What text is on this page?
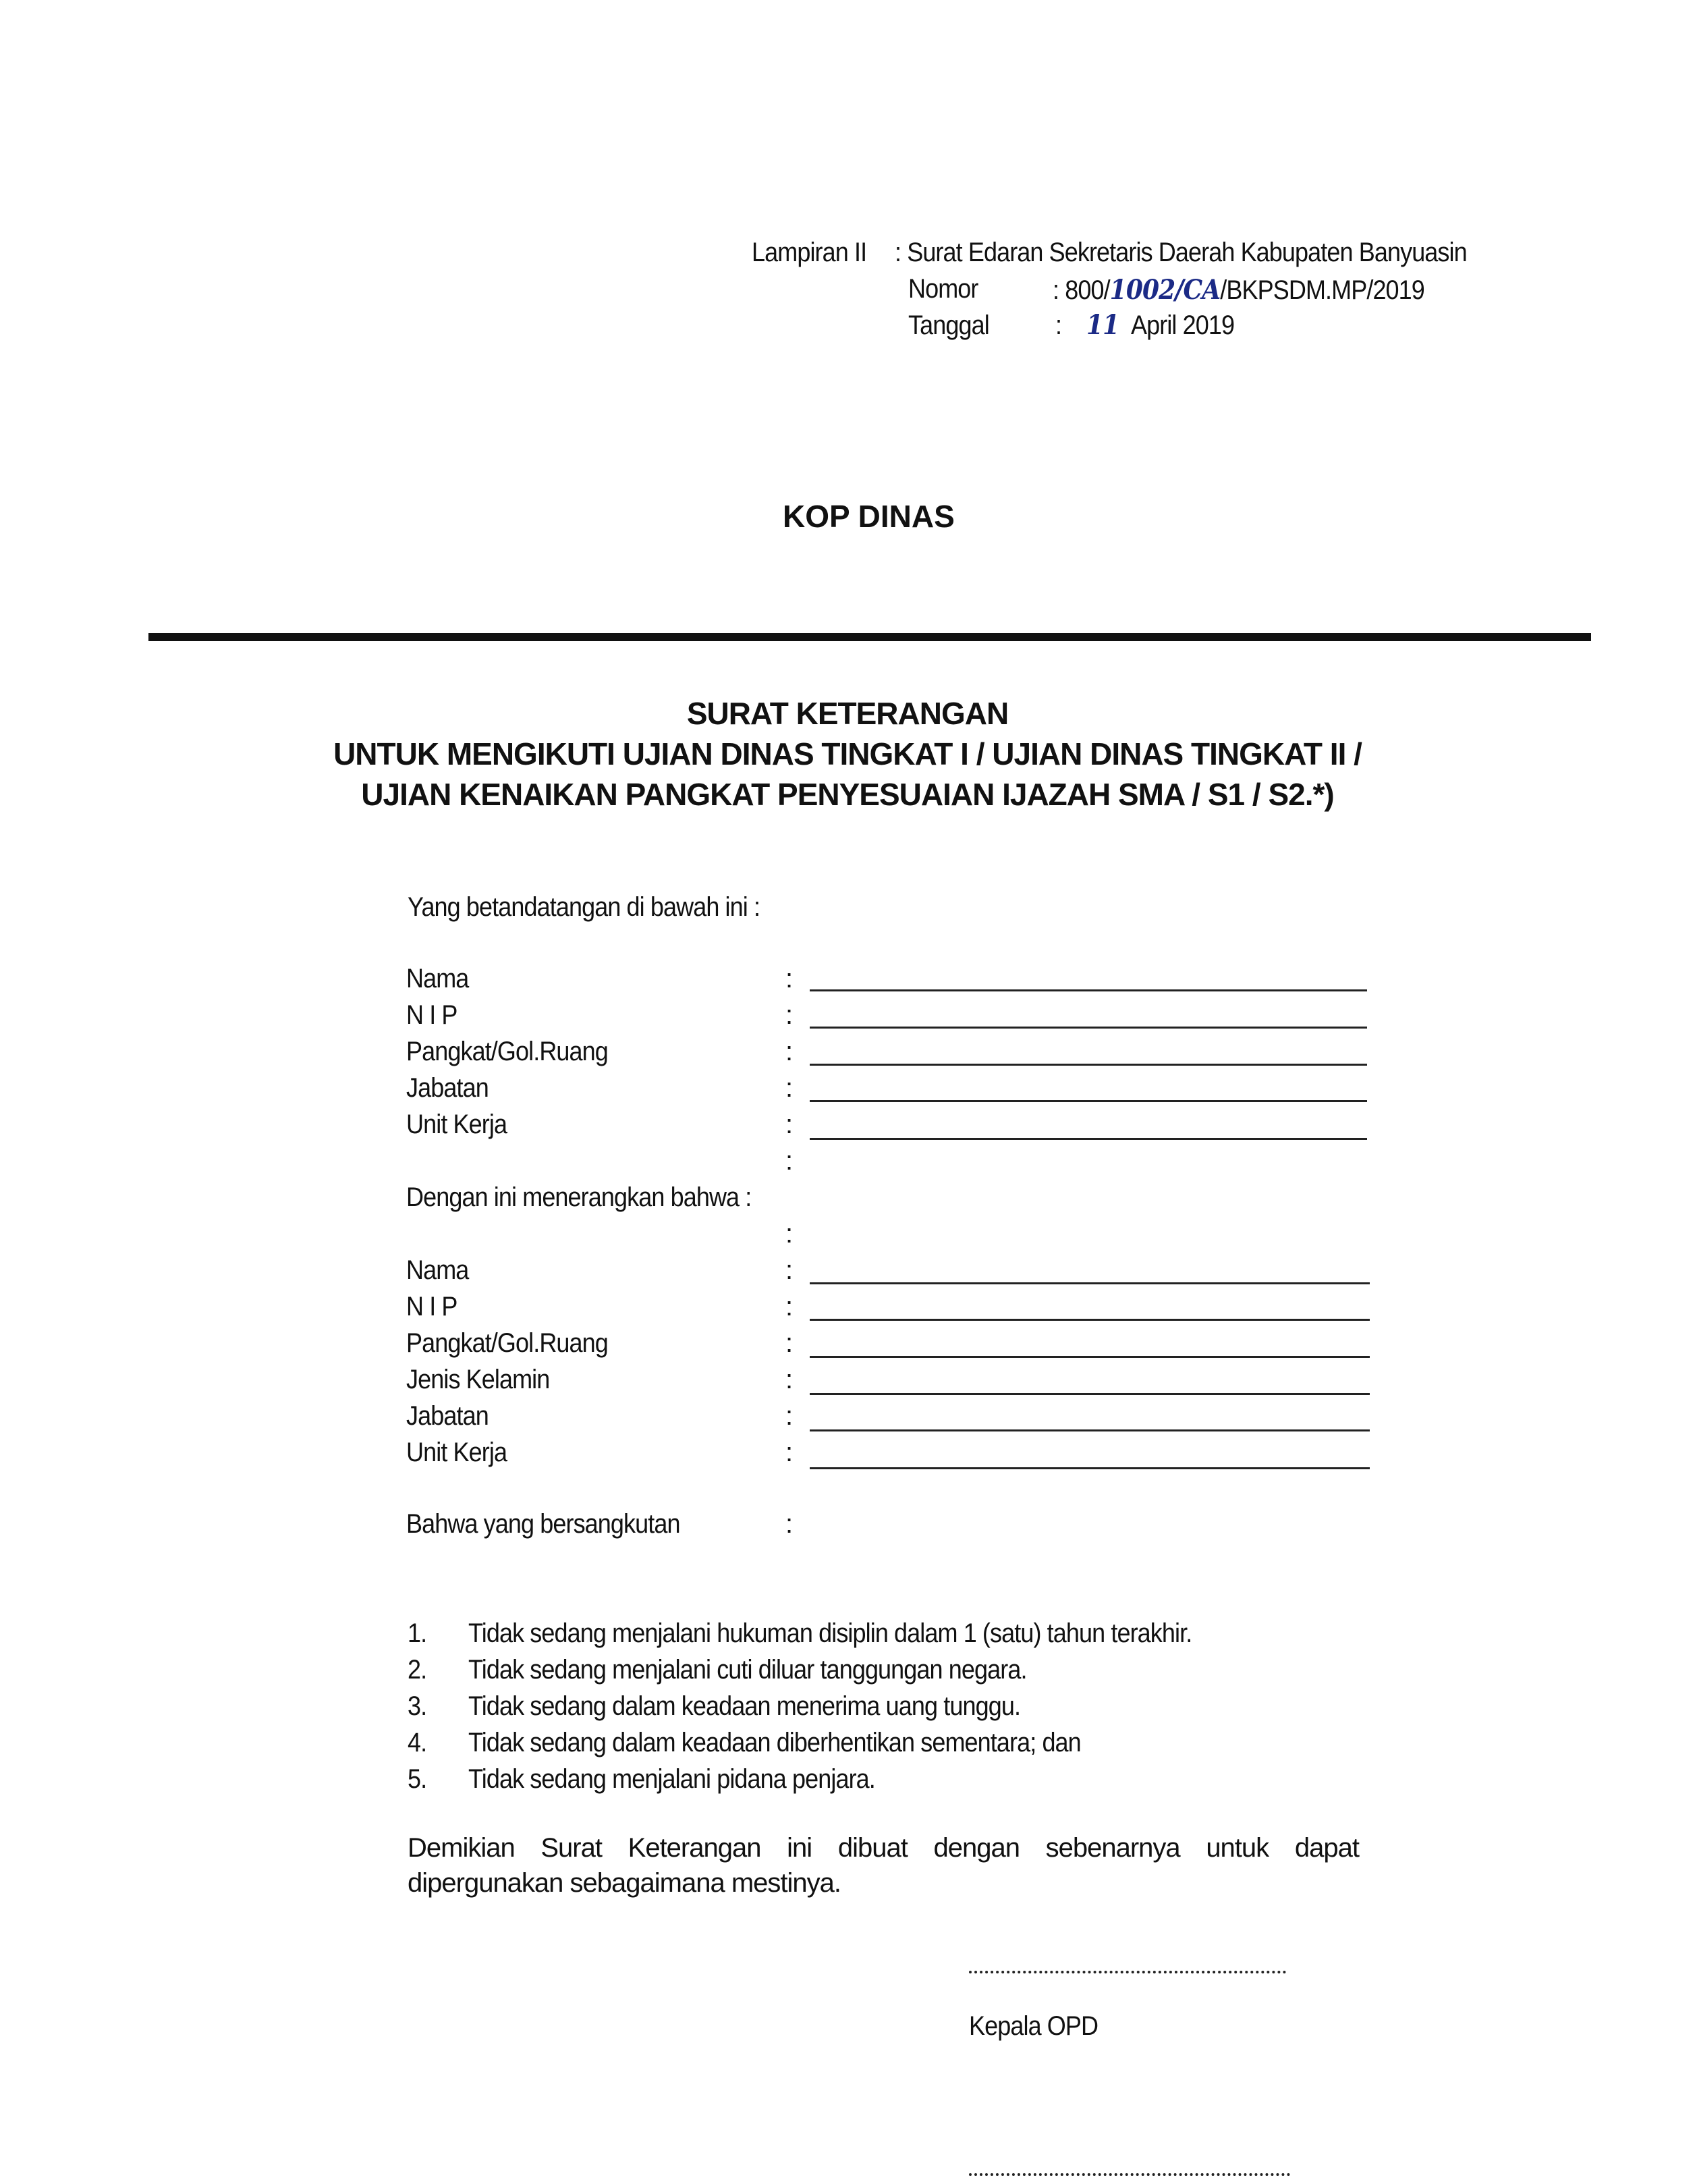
Lampiran II : Surat Edaran Sekretaris Daerah Kabupaten Banyuasin
Nomor	: 800/1002/CA/BKPSDM.MP/2019
Tanggal : 11 April 2019
KOP DINAS
SURAT KETERANGAN
UNTUK MENGIKUTI UJIAN DINAS TINGKAT I / UJIAN DINAS TINGKAT II /
UJIAN KENAIKAN PANGKAT PENYESUAIAN IJAZAH SMA / S1 / S2.*)
Yang betandatangan di bawah ini :
Nama	:
N I P	:
Pangkat/Gol.Ruang	:
Jabatan	:
Unit Kerja	:
:
Dengan ini menerangkan bahwa :
:
Nama	:
N I P	:
Pangkat/Gol.Ruang	:
Jenis Kelamin	:
Jabatan	:
Unit Kerja	:
Bahwa yang bersangkutan	:
1. Tidak sedang menjalani hukuman disiplin dalam 1 (satu) tahun terakhir.
2. Tidak sedang menjalani cuti diluar tanggungan negara.
3. Tidak sedang dalam keadaan menerima uang tunggu.
4. Tidak sedang dalam keadaan diberhentikan sementara; dan
5. Tidak sedang menjalani pidana penjara.
Demikian Surat Keterangan ini dibuat dengan sebenarnya untuk dapat
dipergunakan sebagaimana mestinya.
Kepala OPD
